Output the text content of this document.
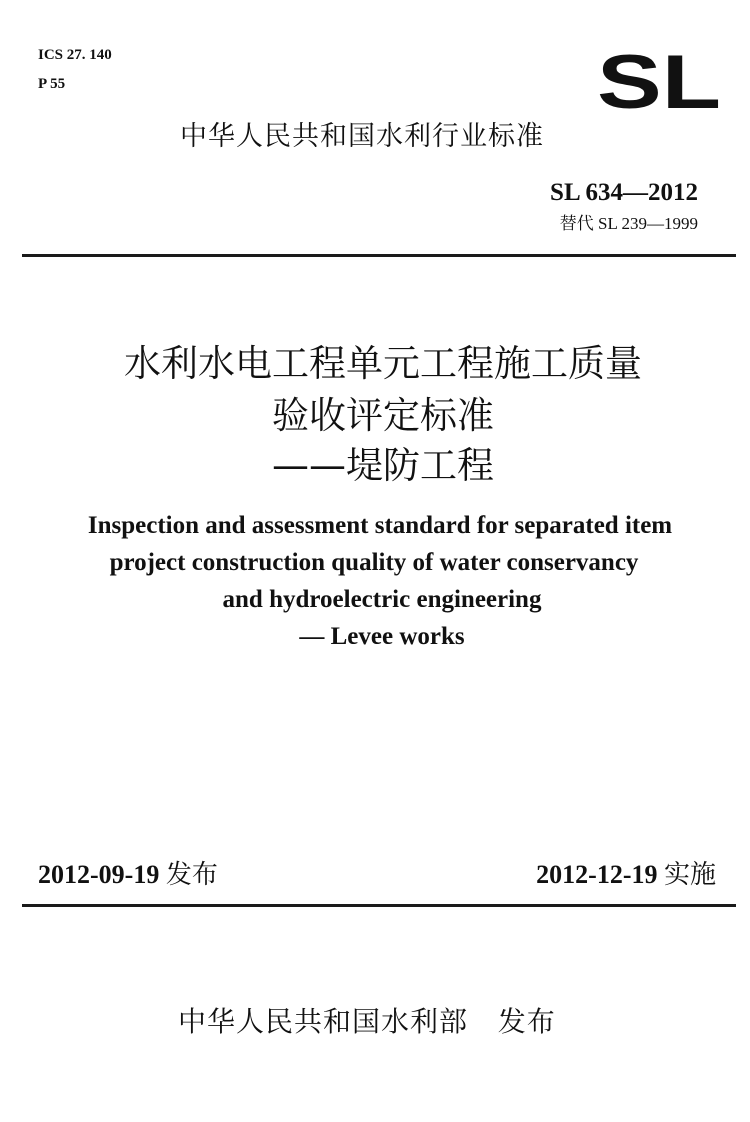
ICS 27. 140
P 55	SL
中华人民共和国水利行业标准
SL 634—2012
替代 SL 239—1999
水利水电工程单元工程施工质量
验收评定标准
——堤防工程
Inspection and assessment standard for separated item
project construction quality of water conservancy
and hydroelectric engineering
— Levee works
2012-09-19 发布	2012-12-19 实施
中华人民共和国水利部 发布
